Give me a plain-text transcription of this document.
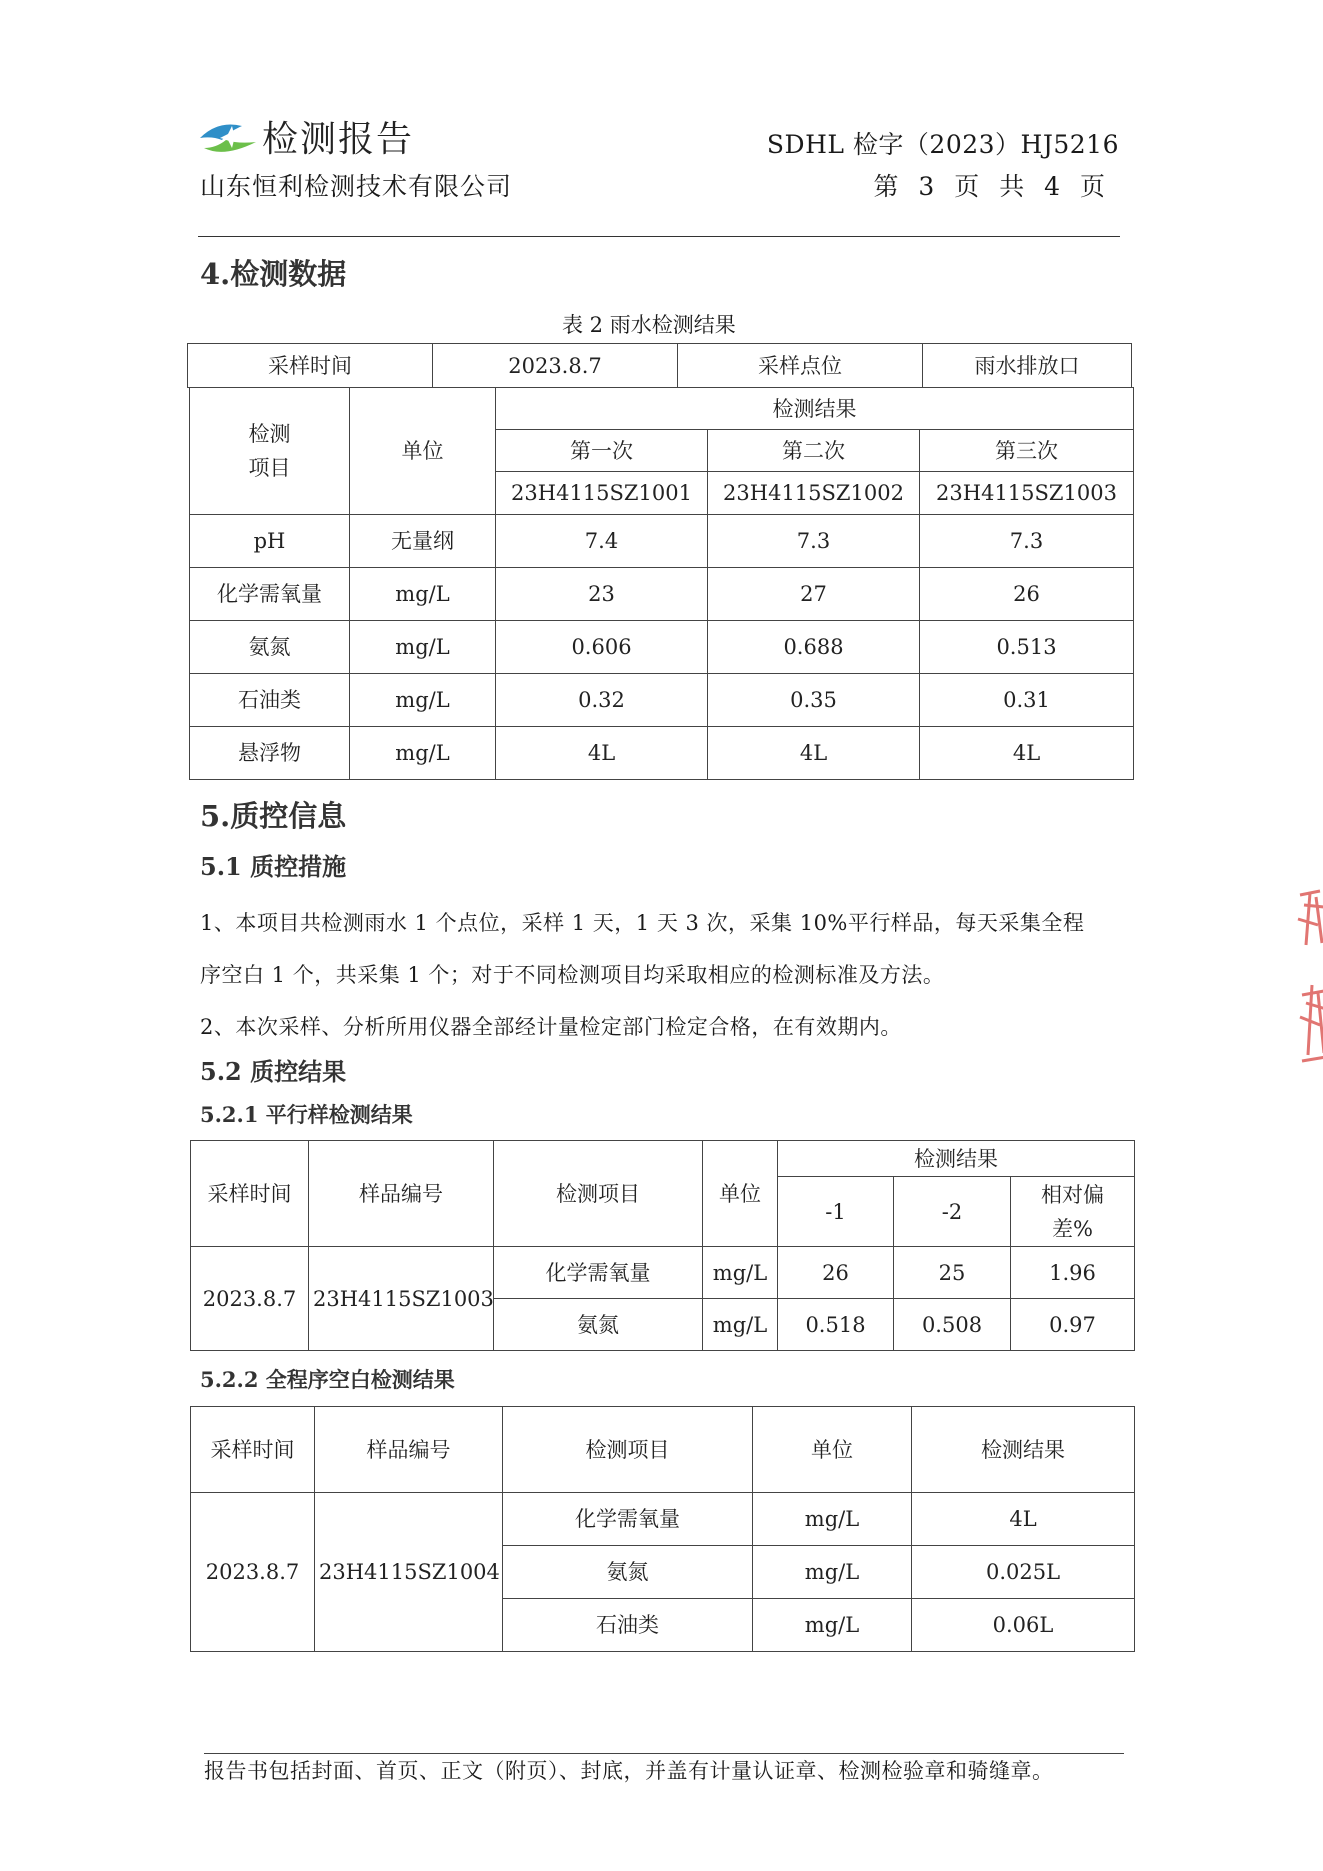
检测报告
山东恒利检测技术有限公司
SDHL 检字（2023）HJ5216
第 3 页 共 4 页
4.检测数据
表 2 雨水检测结果
采样时间	2023.8.7	采样点位	雨水排放口
检测
项目	单位	检测结果		
		第一次	第二次	第三次
		23H4115SZ1001	23H4115SZ1002	23H4115SZ1003
pH	无量纲	7.4	7.3	7.3
化学需氧量	mg/L	23	27	26
氨氮	mg/L	0.606	0.688	0.513
石油类	mg/L	0.32	0.35	0.31
悬浮物	mg/L	4L	4L	4L
5.质控信息
5.1 质控措施
1、本项目共检测雨水 1 个点位，采样 1 天，1 天 3 次，采集 10%平行样品，每天采集全程
序空白 1 个，共采集 1 个；对于不同检测项目均采取相应的检测标准及方法。
2、本次采样、分析所用仪器全部经计量检定部门检定合格，在有效期内。
5.2 质控结果
5.2.1 平行样检测结果
采样时间	样品编号	检测项目	单位	检测结果		
				-1	-2	相对偏
差%
2023.8.7	23H4115SZ1003	化学需氧量	mg/L	26	25	1.96
		氨氮	mg/L	0.518	0.508	0.97
5.2.2 全程序空白检测结果
采样时间	样品编号	检测项目	单位	检测结果
2023.8.7	23H4115SZ1004	化学需氧量	mg/L	4L
		氨氮	mg/L	0.025L
		石油类	mg/L	0.06L
报告书包括封面、首页、正文（附页）、封底，并盖有计量认证章、检测检验章和骑缝章。
